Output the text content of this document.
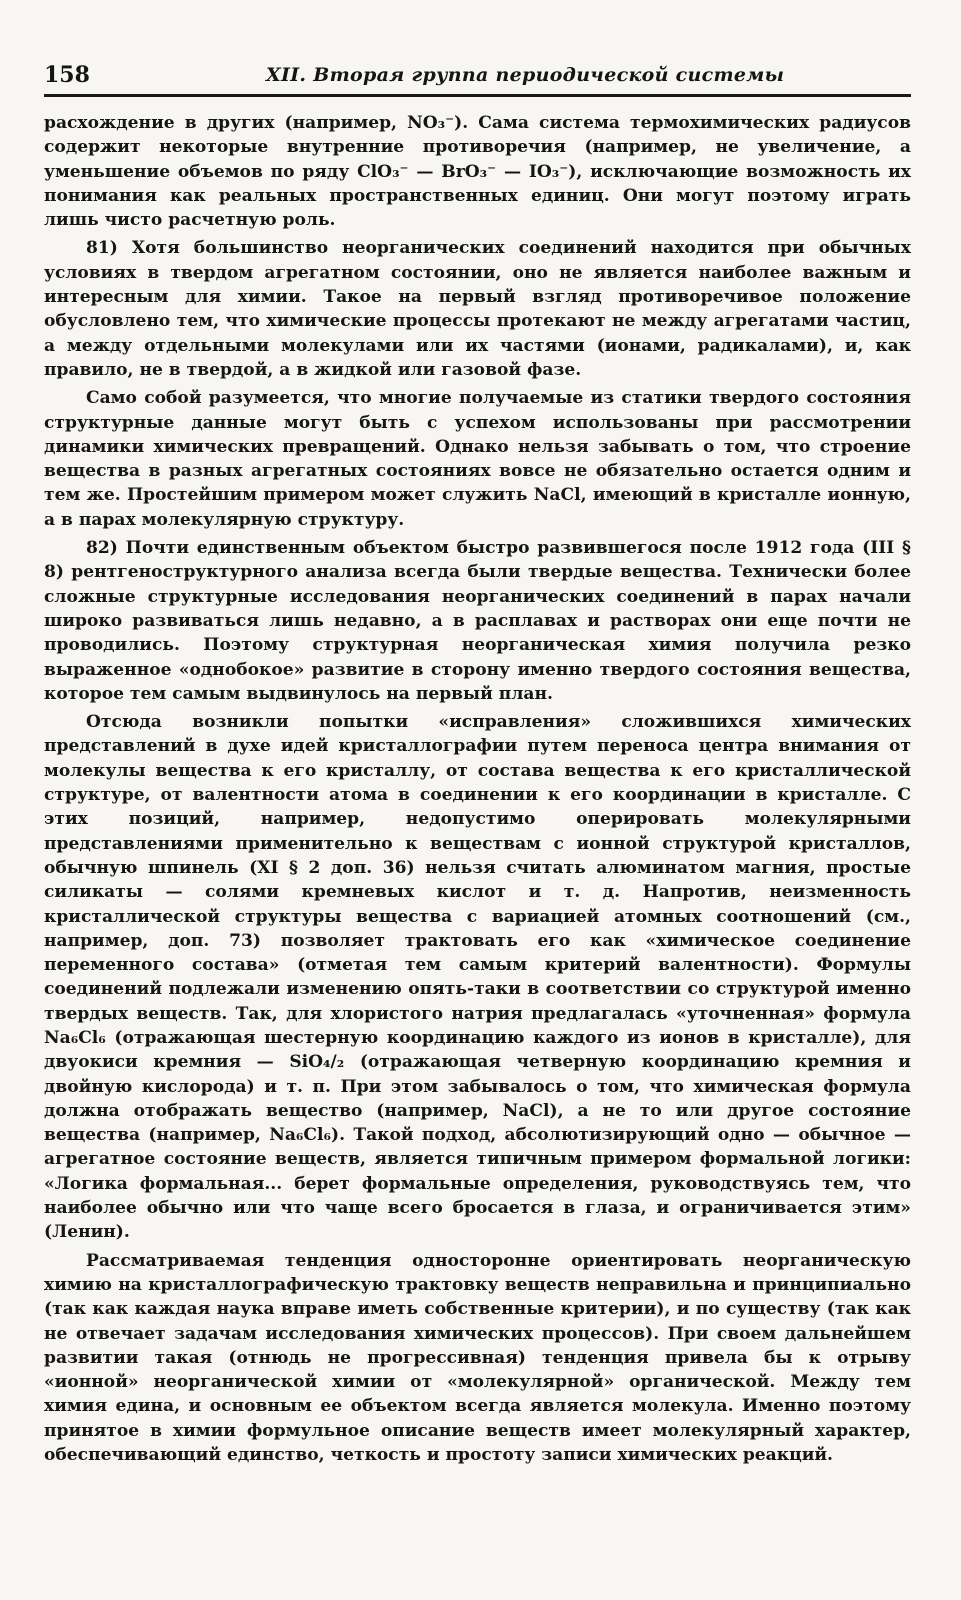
158	XII. Вторая группа периодической системы

расхождение в других (например, NO₃⁻). Сама система термохимических радиусов содержит некоторые внутренние противоречия (например, не увеличение, а уменьшение объемов по ряду ClO₃⁻ — BrO₃⁻ — IO₃⁻), исключающие возможность их понимания как реальных пространственных единиц. Они могут поэтому играть лишь чисто расчетную роль.

81) Хотя большинство неорганических соединений находится при обычных условиях в твердом агрегатном состоянии, оно не является наиболее важным и интересным для химии. Такое на первый взгляд противоречивое положение обусловлено тем, что химические процессы протекают не между агрегатами частиц, а между отдельными молекулами или их частями (ионами, радикалами), и, как правило, не в твердой, а в жидкой или газовой фазе.

Само собой разумеется, что многие получаемые из статики твердого состояния структурные данные могут быть с успехом использованы при рассмотрении динамики химических превращений. Однако нельзя забывать о том, что строение вещества в разных агрегатных состояниях вовсе не обязательно остается одним и тем же. Простейшим примером может служить NaCl, имеющий в кристалле ионную, а в парах молекулярную структуру.

82) Почти единственным объектом быстро развившегося после 1912 года (III § 8) рентгеноструктурного анализа всегда были твердые вещества. Технически более сложные структурные исследования неорганических соединений в парах начали широко развиваться лишь недавно, а в расплавах и растворах они еще почти не проводились. Поэтому структурная неорганическая химия получила резко выраженное «однобокое» развитие в сторону именно твердого состояния вещества, которое тем самым выдвинулось на первый план.

Отсюда возникли попытки «исправления» сложившихся химических представлений в духе идей кристаллографии путем переноса центра внимания от молекулы вещества к его кристаллу, от состава вещества к его кристаллической структуре, от валентности атома в соединении к его координации в кристалле. С этих позиций, например, недопустимо оперировать молекулярными представлениями применительно к веществам с ионной структурой кристаллов, обычную шпинель (XI § 2 доп. 36) нельзя считать алюминатом магния, простые силикаты — солями кремневых кислот и т. д. Напротив, неизменность кристаллической структуры вещества с вариацией атомных соотношений (см., например, доп. 73) позволяет трактовать его как «химическое соединение переменного состава» (отметая тем самым критерий валентности). Формулы соединений подлежали изменению опять-таки в соответствии со структурой именно твердых веществ. Так, для хлористого натрия предлагалась «уточненная» формула Na₆Cl₆ (отражающая шестерную координацию каждого из ионов в кристалле), для двуокиси кремния — SiO₄/₂ (отражающая четверную координацию кремния и двойную кислорода) и т. п. При этом забывалось о том, что химическая формула должна отображать вещество (например, NaCl), а не то или другое состояние вещества (например, Na₆Cl₆). Такой подход, абсолютизирующий одно — обычное — агрегатное состояние веществ, является типичным примером формальной логики: «Логика формальная... берет формальные определения, руководствуясь тем, что наиболее обычно или что чаще всего бросается в глаза, и ограничивается этим» (Ленин).

Рассматриваемая тенденция односторонне ориентировать неорганическую химию на кристаллографическую трактовку веществ неправильна и принципиально (так как каждая наука вправе иметь собственные критерии), и по существу (так как не отвечает задачам исследования химических процессов). При своем дальнейшем развитии такая (отнюдь не прогрессивная) тенденция привела бы к отрыву «ионной» неорганической химии от «молекулярной» органической. Между тем химия едина, и основным ее объектом всегда является молекула. Именно поэтому принятое в химии формульное описание веществ имеет молекулярный характер, обеспечивающий единство, четкость и простоту записи химических реакций.
